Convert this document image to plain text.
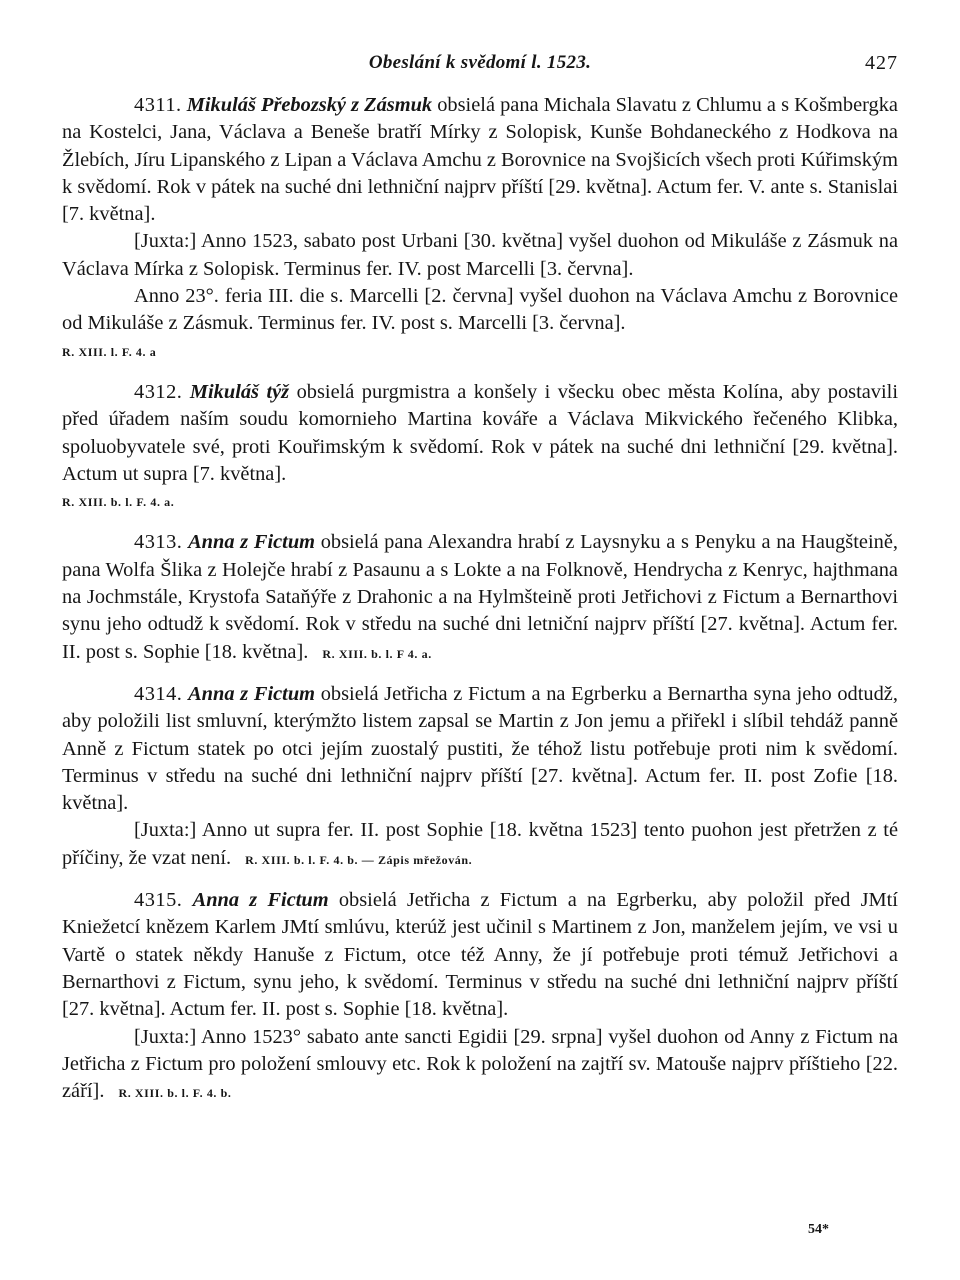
Obeslání k svědomí l. 1523.	427

4311. Mikuláš Přebozský z Zásmuk obsielá pana Michala Slavatu z Chlumu a s Košmbergka na Kostelci, Jana, Václava a Beneše bratří Mírky z Solopisk, Kunše Bohdaneckého z Hodkova na Žlebích, Jíru Lipanského z Lipan a Václava Amchu z Borovnice na Svojšicích všech proti Kúřimským k svědomí. Rok v pátek na suché dni lethniční najprv příští [29. května]. Actum fer. V. ante s. Stanislai [7. května].

[Juxta:] Anno 1523, sabato post Urbani [30. května] vyšel duohon od Mikuláše z Zásmuk na Václava Mírka z Solopisk. Terminus fer. IV. post Marcelli [3. června].

Anno 23°. feria III. die s. Marcelli [2. června] vyšel duohon na Václava Amchu z Borovnice od Mikuláše z Zásmuk. Terminus fer. IV. post s. Marcelli [3. června].

R. XIII. l. F. 4. a

4312. Mikuláš týž obsielá purgmistra a konšely i všecku obec města Kolína, aby postavili před úřadem naším soudu komornieho Martina kováře a Václava Mikvického řečeného Klibka, spoluobyvatele své, proti Kouřimským k svědomí. Rok v pátek na suché dni lethniční [29. května]. Actum ut supra [7. května].

R. XIII. b. l. F. 4. a.

4313. Anna z Fictum obsielá pana Alexandra hrabí z Laysnyku a s Penyku a na Haugšteině, pana Wolfa Šlika z Holejče hrabí z Pasaunu a s Lokte a na Folknově, Hendrycha z Kenryc, hajthmana na Jochmstále, Krystofa Sataňýře z Drahonic a na Hylmšteině proti Jetřichovi z Fictum a Bernarthovi synu jeho odtudž k svědomí. Rok v středu na suché dni letniční najprv příští [27. května]. Actum fer. II. post s. Sophie [18. května]. R. XIII. b. l. F 4. a.

4314. Anna z Fictum obsielá Jetřicha z Fictum a na Egrberku a Bernartha syna jeho odtudž, aby položili list smluvní, kterýmžto listem zapsal se Martin z Jon jemu a přiřekl i slíbil tehdáž panně Anně z Fictum statek po otci jejím zuostalý pustiti, že téhož listu potřebuje proti nim k svědomí. Terminus v středu na suché dni lethniční najprv příští [27. května]. Actum fer. II. post Zofie [18. května].

[Juxta:] Anno ut supra fer. II. post Sophie [18. května 1523] tento puohon jest přetržen z té příčiny, že vzat není. R. XIII. b. l. F. 4. b. — Zápis mřežován.

4315. Anna z Fictum obsielá Jetřicha z Fictum a na Egrberku, aby položil před JMtí Kniežetcí knězem Karlem JMtí smlúvu, kterúž jest učinil s Martinem z Jon, manželem jejím, ve vsi u Vartě o statek někdy Hanuše z Fictum, otce též Anny, že jí potřebuje proti témuž Jetřichovi a Bernarthovi z Fictum, synu jeho, k svědomí. Terminus v středu na suché dni lethniční najprv příští [27. května]. Actum fer. II. post s. Sophie [18. května].

[Juxta:] Anno 1523° sabato ante sancti Egidii [29. srpna] vyšel duohon od Anny z Fictum na Jetřicha z Fictum pro položení smlouvy etc. Rok k položení na zajtří sv. Matouše najprv příštieho [22. září]. R. XIII. b. l. F. 4. b.

54*
